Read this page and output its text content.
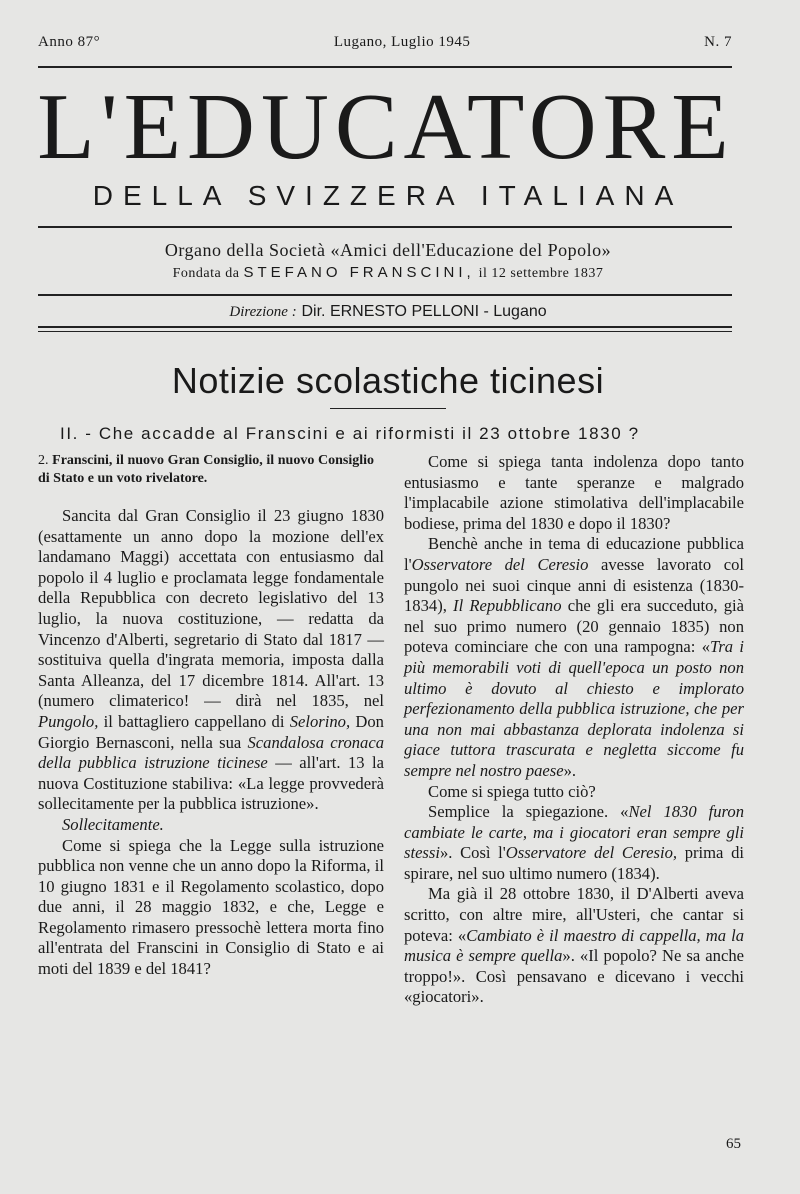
Anno 87°	Lugano, Luglio 1945	N. 7
L'EDUCATORE
DELLA SVIZZERA ITALIANA
Organo della Società «Amici dell'Educazione del Popolo»
Fondata da STEFANO FRANSCINI, il 12 settembre 1837
Direzione : Dir. ERNESTO PELLONI - Lugano
Notizie scolastiche ticinesi
II. - Che accadde al Franscini e ai riformisti il 23 ottobre 1830 ?

2. Franscini, il nuovo Gran Consiglio, il nuovo Consiglio di Stato e un voto rivelatore.

Sancita dal Gran Consiglio il 23 giugno 1830 (esattamente un anno dopo la mozione dell'ex landamano Maggi) accettata con entusiasmo dal popolo il 4 luglio e proclamata legge fondamentale della Repubblica con decreto legislativo del 13 luglio, la nuova costituzione, — redatta da Vincenzo d'Alberti, segretario di Stato dal 1817 — sostituiva quella d'ingrata memoria, imposta dalla Santa Alleanza, del 17 dicembre 1814. All'art. 13 (numero climaterico! — dirà nel 1835, nel Pungolo, il battagliero cappellano di Selorino, Don Giorgio Bernasconi, nella sua Scandalosa cronaca della pubblica istruzione ticinese — all'art. 13 la nuova Costituzione stabiliva: «La legge provvederà sollecitamente per la pubblica istruzione».

Sollecitamente.

Come si spiega che la Legge sulla istruzione pubblica non venne che un anno dopo la Riforma, il 10 giugno 1831 e il Regolamento scolastico, dopo due anni, il 28 maggio 1832, e che, Legge e Regolamento rimasero pressochè lettera morta fino all'entrata del Franscini in Consiglio di Stato e ai moti del 1839 e del 1841?

Come si spiega tanta indolenza dopo tanto entusiasmo e tante speranze e malgrado l'implacabile azione stimolativa dell'implacabile bodiese, prima del 1830 e dopo il 1830?

Benchè anche in tema di educazione pubblica l'Osservatore del Ceresio avesse lavorato col pungolo nei suoi cinque anni di esistenza (1830-1834), Il Repubblicano che gli era succeduto, già nel suo primo numero (20 gennaio 1835) non poteva cominciare che con una rampogna: «Tra i più memorabili voti di quell'epoca un posto non ultimo è dovuto al chiesto e implorato perfezionamento della pubblica istruzione, che per una non mai abbastanza deplorata indolenza si giace tuttora trascurata e negletta siccome fu sempre nel nostro paese».

Come si spiega tutto ciò?

Semplice la spiegazione. «Nel 1830 furon cambiate le carte, ma i giocatori eran sempre gli stessi». Così l'Osservatore del Ceresio, prima di spirare, nel suo ultimo numero (1834).

Ma già il 28 ottobre 1830, il D'Alberti aveva scritto, con altre mire, all'Usteri, che cantar si poteva: «Cambiato è il maestro di cappella, ma la musica è sempre quella». «Il popolo? Ne sa anche troppo!». Così pensavano e dicevano i vecchi «giocatori».

65
